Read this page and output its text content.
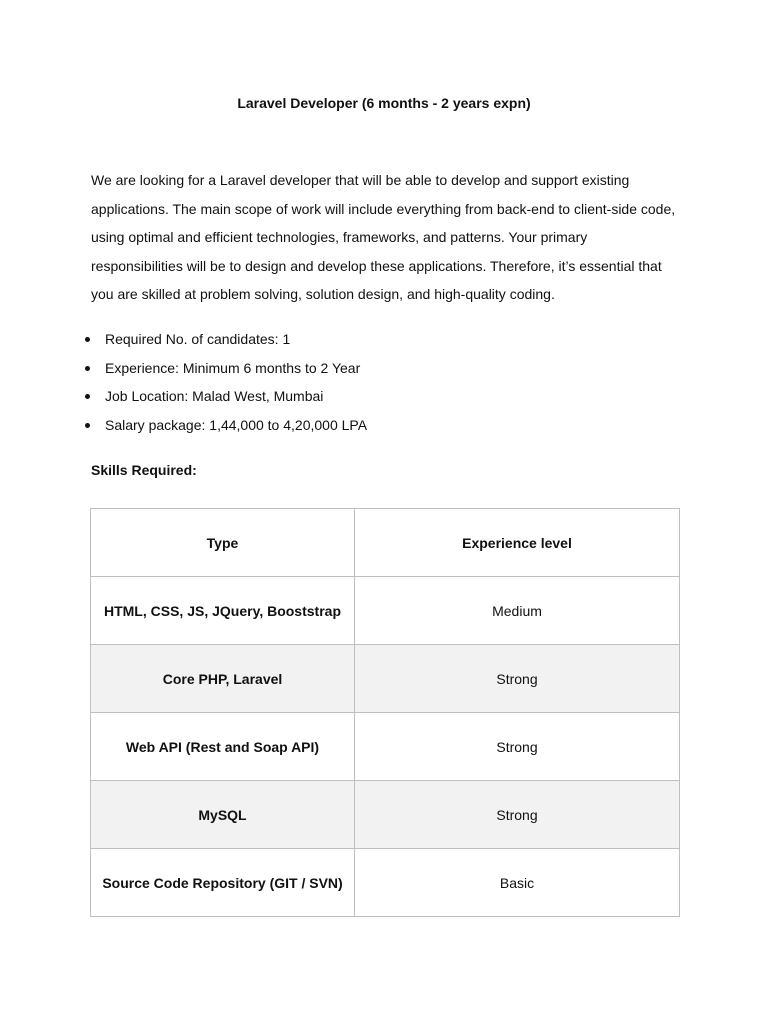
Laravel Developer (6 months - 2 years expn)

We are looking for a Laravel developer that will be able to develop and support existing
applications. The main scope of work will include everything from back-end to client-side code,
using optimal and efficient technologies, frameworks, and patterns. Your primary
responsibilities will be to design and develop these applications. Therefore, it’s essential that
you are skilled at problem solving, solution design, and high-quality coding.

Required No. of candidates: 1
Experience: Minimum 6 months to 2 Year
Job Location: Malad West, Mumbai
Salary package: 1,44,000 to 4,20,000 LPA
Skills Required:
Type	Experience level
HTML, CSS, JS, JQuery, Booststrap	Medium
Core PHP, Laravel	Strong
Web API (Rest and Soap API)	Strong
MySQL	Strong
Source Code Repository (GIT / SVN)	Basic
